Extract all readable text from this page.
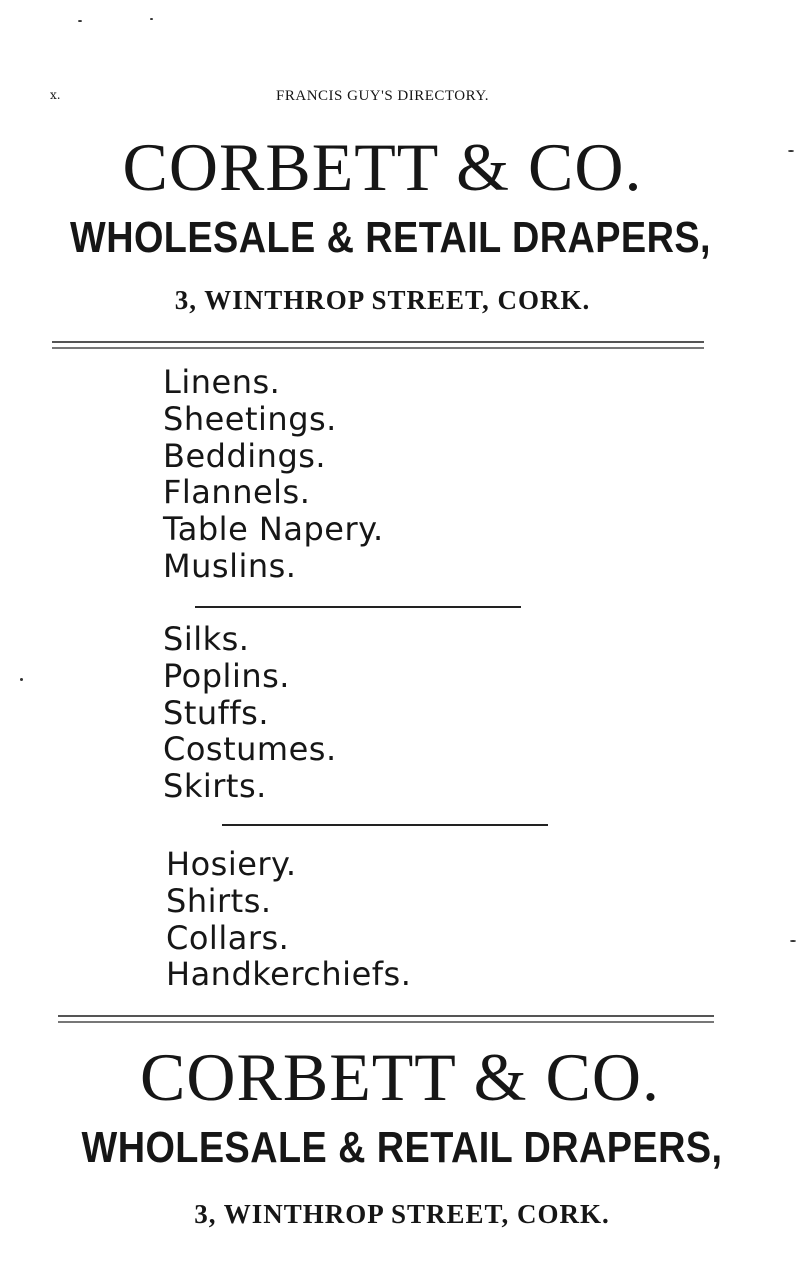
x.	FRANCIS GUY'S DIRECTORY.
CORBETT & CO.
WHOLESALE & RETAIL DRAPERS,
3, WINTHROP STREET, CORK.
Linens.
Sheetings.
Beddings.
Flannels.
Table Napery.
Muslins.
Silks.
Poplins.
Stuffs.
Costumes.
Skirts.
Hosiery.
Shirts.
Collars.
Handkerchiefs.
CORBETT & CO.
WHOLESALE & RETAIL DRAPERS,
3, WINTHROP STREET, CORK.
